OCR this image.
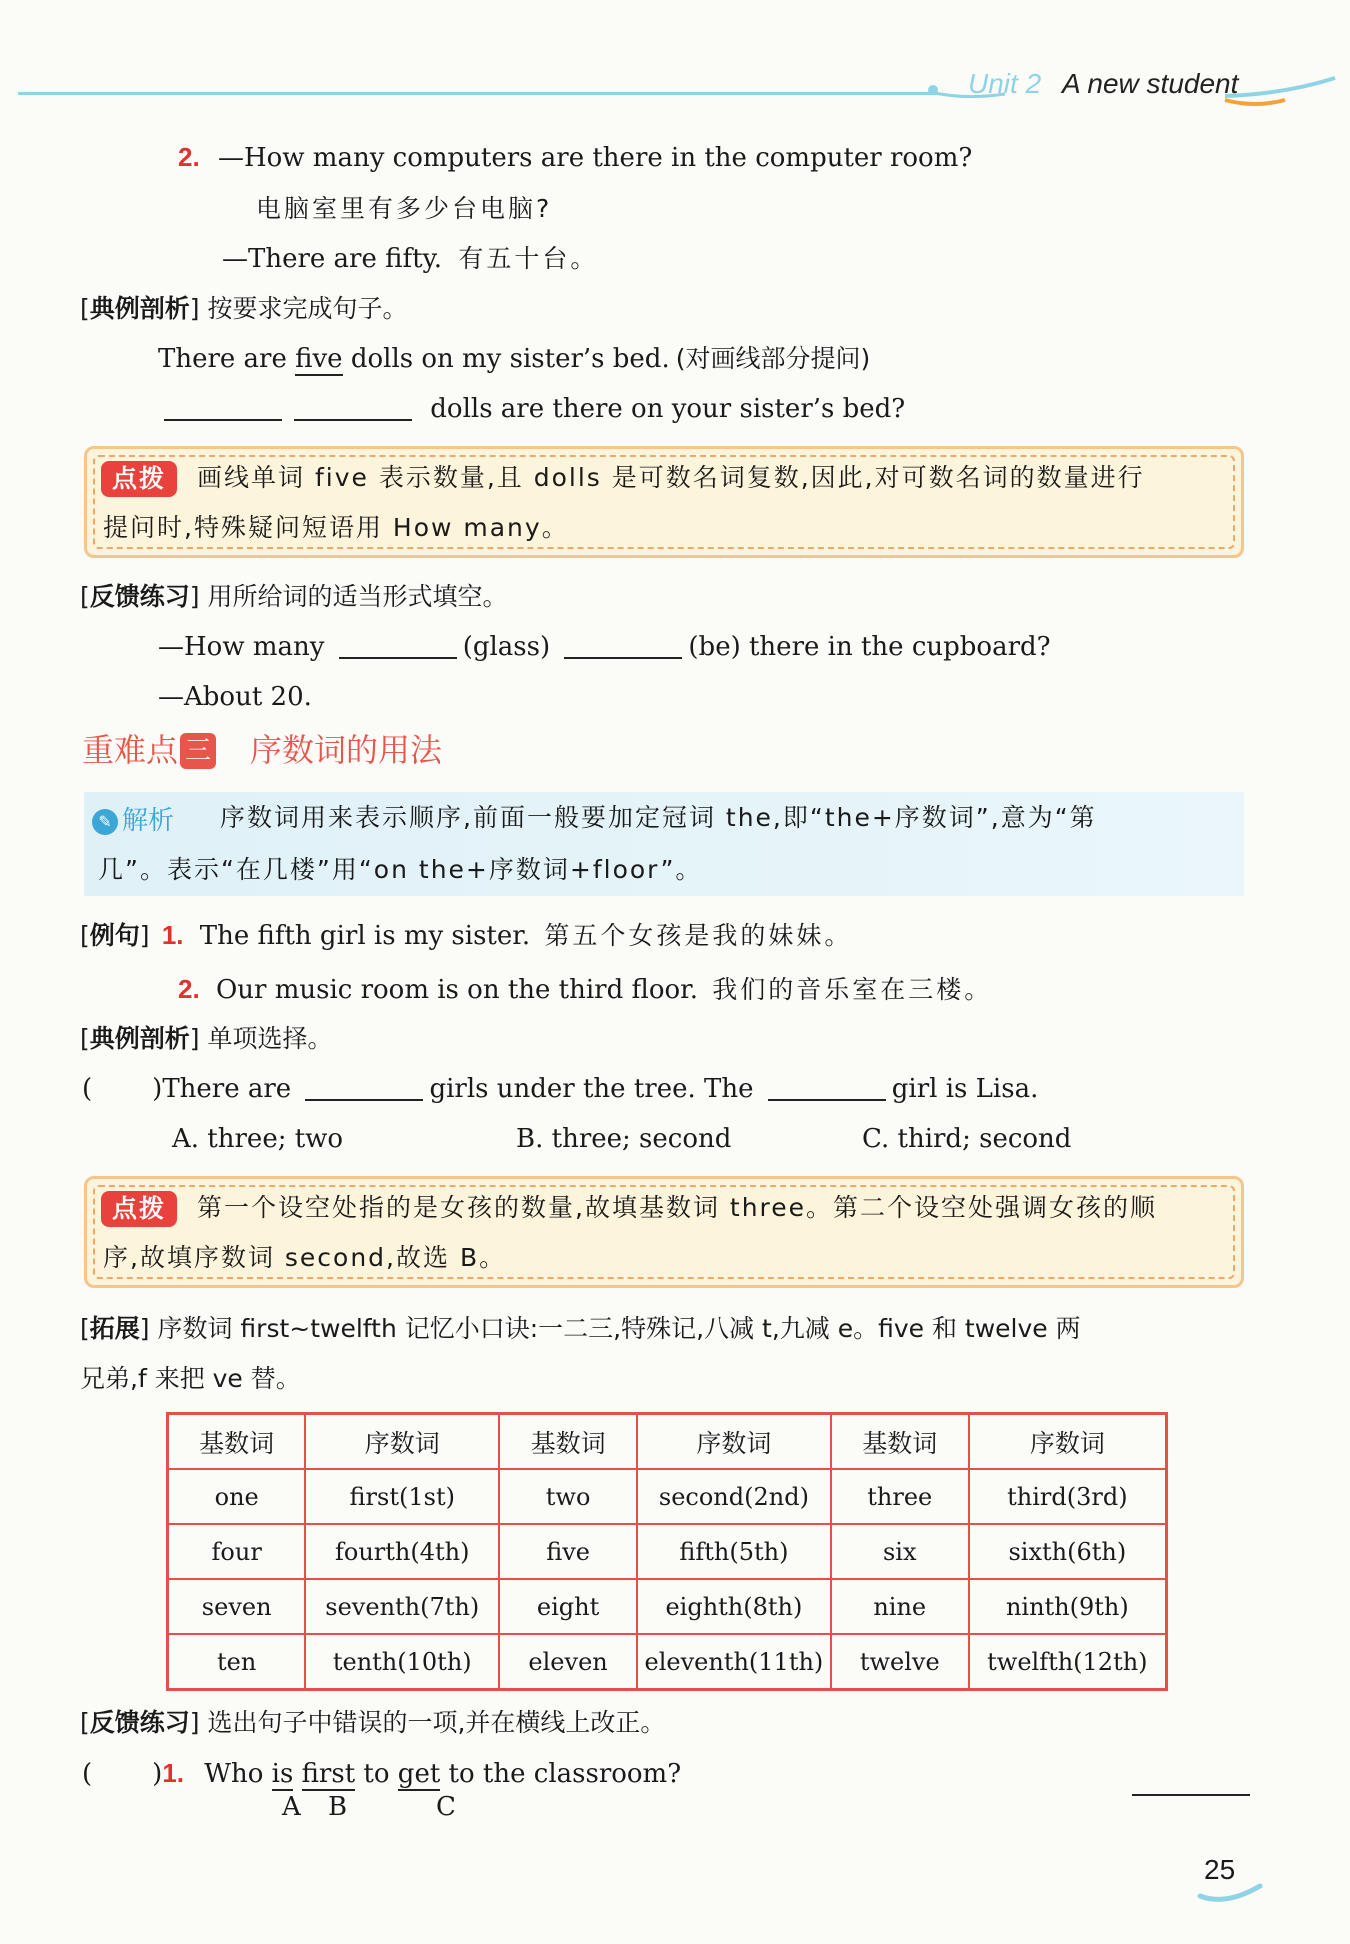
Unit 2 A new student
2. —How many computers are there in the computer room?
电脑室里有多少台电脑?
—There are fifty. 有五十台。
[典例剖析] 按要求完成句子。
There are five dolls on my sister’s bed. (对画线部分提问)
dolls are there on your sister’s bed?
点拨	画线单词 five 表示数量,且 dolls 是可数名词复数,因此,对可数名词的数量进行
提问时,特殊疑问短语用 How many。
[反馈练习] 用所给词的适当形式填空。
—How many	(glass)	(be) there in the cupboard?
—About 20.
重难点 三 序数词的用法
✎ 解析	序数词用来表示顺序,前面一般要加定冠词 the,即“the+序数词”,意为“第
几”。表示“在几楼”用“on the+序数词+floor”。
[例句] 1. The fifth girl is my sister. 第五个女孩是我的妹妹。
2. Our music room is on the third floor. 我们的音乐室在三楼。
[典例剖析] 单项选择。
( )There are	girls under the tree. The	girl is Lisa.
A. three; two	B. three; second	C. third; second
点拨	第一个设空处指的是女孩的数量,故填基数词 three。第二个设空处强调女孩的顺
序,故填序数词 second,故选 B。
[拓展] 序数词 first~twelfth 记忆小口诀:一二三,特殊记,八减 t,九减 e。five 和 twelve 两
兄弟,f 来把 ve 替。
基数词	序数词	基数词	序数词	基数词	序数词
one	first(1st)	two	second(2nd)	three	third(3rd)
four	fourth(4th)	five	fifth(5th)	six	sixth(6th)
seven	seventh(7th)	eight	eighth(8th)	nine	ninth(9th)
ten	tenth(10th)	eleven	eleventh(11th)	twelve	twelfth(12th)
[反馈练习] 选出句子中错误的一项,并在横线上改正。
( )1. Who is first to get to the classroom?
A B	C
25
